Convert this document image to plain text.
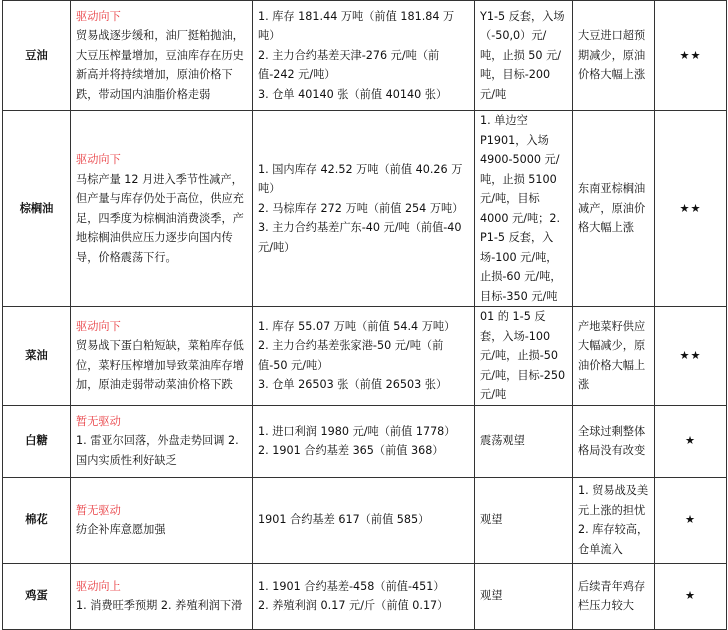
豆油	驱动向下
贸易战逐步缓和，油厂挺粕抛油，大豆压榨量增加，豆油库存在历史新高并将持续增加，原油价格下跌，带动国内油脂价格走弱	1. 库存 181.44 万吨（前值 181.84 万吨）
2. 主力合约基差天津-276 元/吨（前值-242 元/吨）
3. 仓单 40140 张（前值 40140 张）	Y1-5 反套，入场（-50,0）元/吨，止损 50 元/吨，目标-200 元/吨	大豆进口超预期减少，原油价格大幅上涨	★★
棕榈油	驱动向下
马棕产量 12 月进入季节性减产，但产量与库存仍处于高位，供应充足，四季度为棕榈油消费淡季，产地棕榈油供应压力逐步向国内传导，价格震荡下行。	1. 国内库存 42.52 万吨（前值 40.26 万吨）
2. 马棕库存 272 万吨（前值 254 万吨）
3. 主力合约基差广东-40 元/吨（前值-40 元/吨）	1. 单边空 P1901，入场 4900-5000 元/吨，止损 5100 元/吨，目标 4000 元/吨；2. P1-5 反套，入场-100 元/吨，止损-60 元/吨，目标-350 元/吨	东南亚棕榈油减产，原油价格大幅上涨	★★
菜油	驱动向下
贸易战下蛋白粕短缺，菜粕库存低位，菜籽压榨增加导致菜油库存增加，原油走弱带动菜油价格下跌	1. 库存 55.07 万吨（前值 54.4 万吨）
2. 主力合约基差张家港-50 元/吨（前值-50 元/吨）
3. 仓单 26503 张（前值 26503 张）	01 的 1-5 反套，入场-100 元/吨，止损-50 元/吨，目标-250 元/吨	产地菜籽供应大幅减少，原油价格大幅上涨	★★
白糖	暂无驱动
1. 雷亚尔回落，外盘走势回调 2. 国内实质性利好缺乏	1. 进口利润 1980 元/吨（前值 1778）
2. 1901 合约基差 365（前值 368）	震荡观望	全球过剩整体格局没有改变	★
棉花	暂无驱动
纺企补库意愿加强	1901 合约基差 617（前值 585）	观望	1. 贸易战及美元上涨的担忧 2. 库存较高，仓单流入	★
鸡蛋	驱动向上
1. 消费旺季预期 2. 养殖利润下滑	1. 1901 合约基差-458（前值-451）
2. 养殖利润 0.17 元/斤（前值 0.17）	观望	后续青年鸡存栏压力较大	★
